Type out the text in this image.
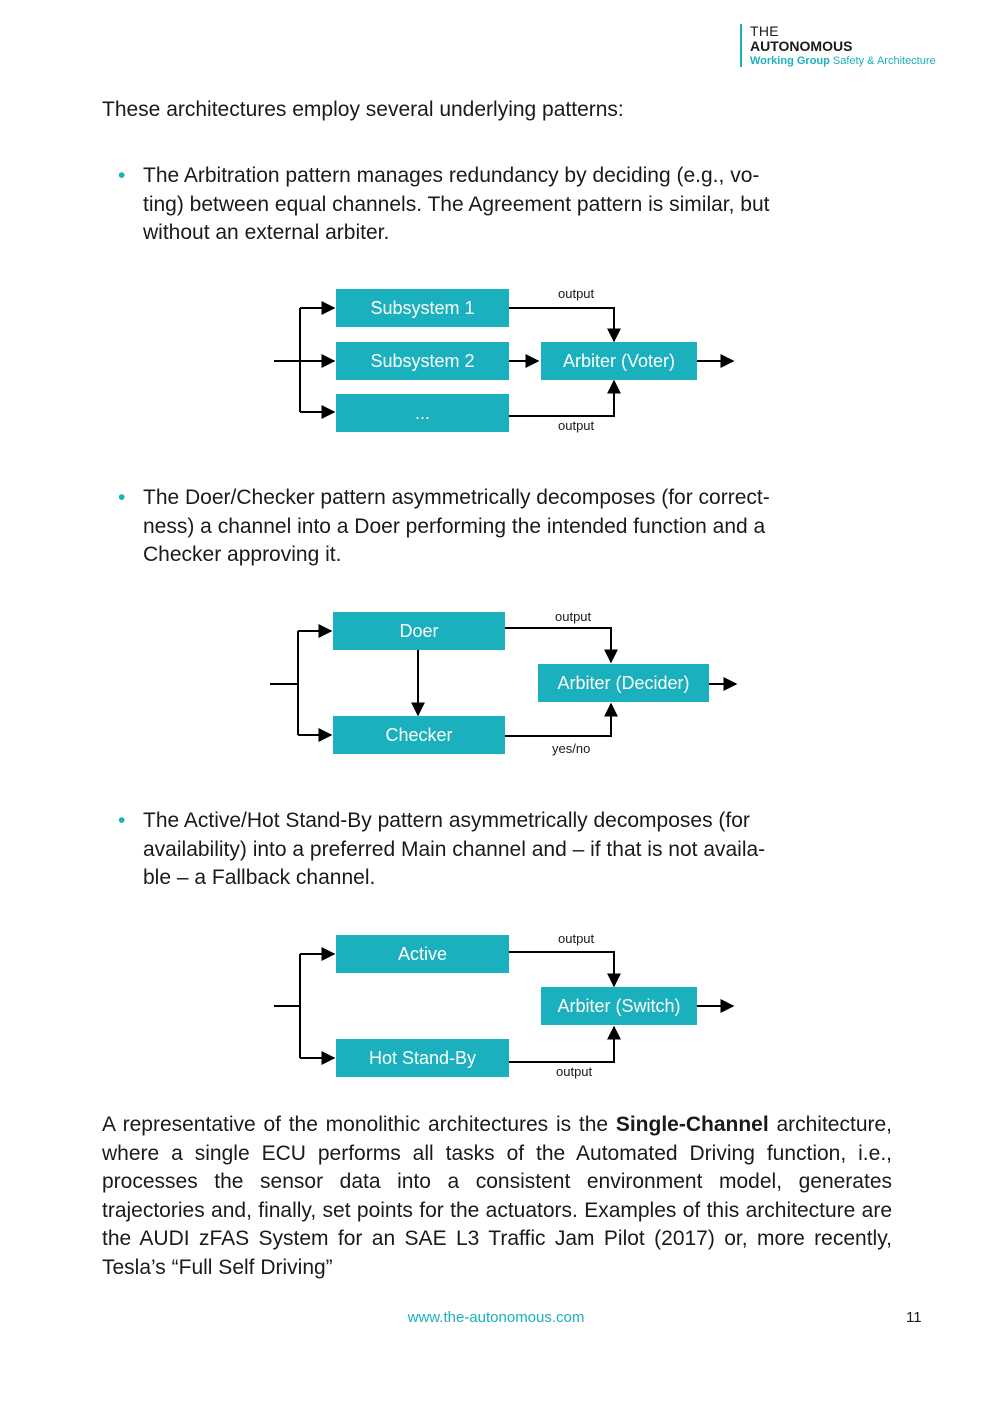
THE
AUTONOMOUS
Working Group Safety & Architecture
These architectures employ several underlying patterns:
• The Arbitration pattern manages redundancy by deciding (e.g., vo-
ting) between equal channels. The Agreement pattern is similar, but
without an external arbiter.
Subsystem 1
Subsystem 2
...
Arbiter (Voter)
output
output
• The Doer/Checker pattern asymmetrically decomposes (for correct-
ness) a channel into a Doer performing the intended function and a
Checker approving it.
Doer
Checker
Arbiter (Decider)
output
yes/no
• The Active/Hot Stand-By pattern asymmetrically decomposes (for
availability) into a preferred Main channel and – if that is not availa-
ble – a Fallback channel.
Active
Hot Stand-By
Arbiter (Switch)
output
output
A representative of the monolithic architectures is the Single-Channel architecture, where a single ECU performs all tasks of the Automated Driving function, i.e., processes the sensor data into a consistent environment model, generates trajectories and, finally, set points for the actuators. Examples of this architecture are the AUDI zFAS System for an SAE L3 Traffic Jam Pilot (2017) or, more recently, Tesla’s “Full Self Driving”
www.the-autonomous.com	11
